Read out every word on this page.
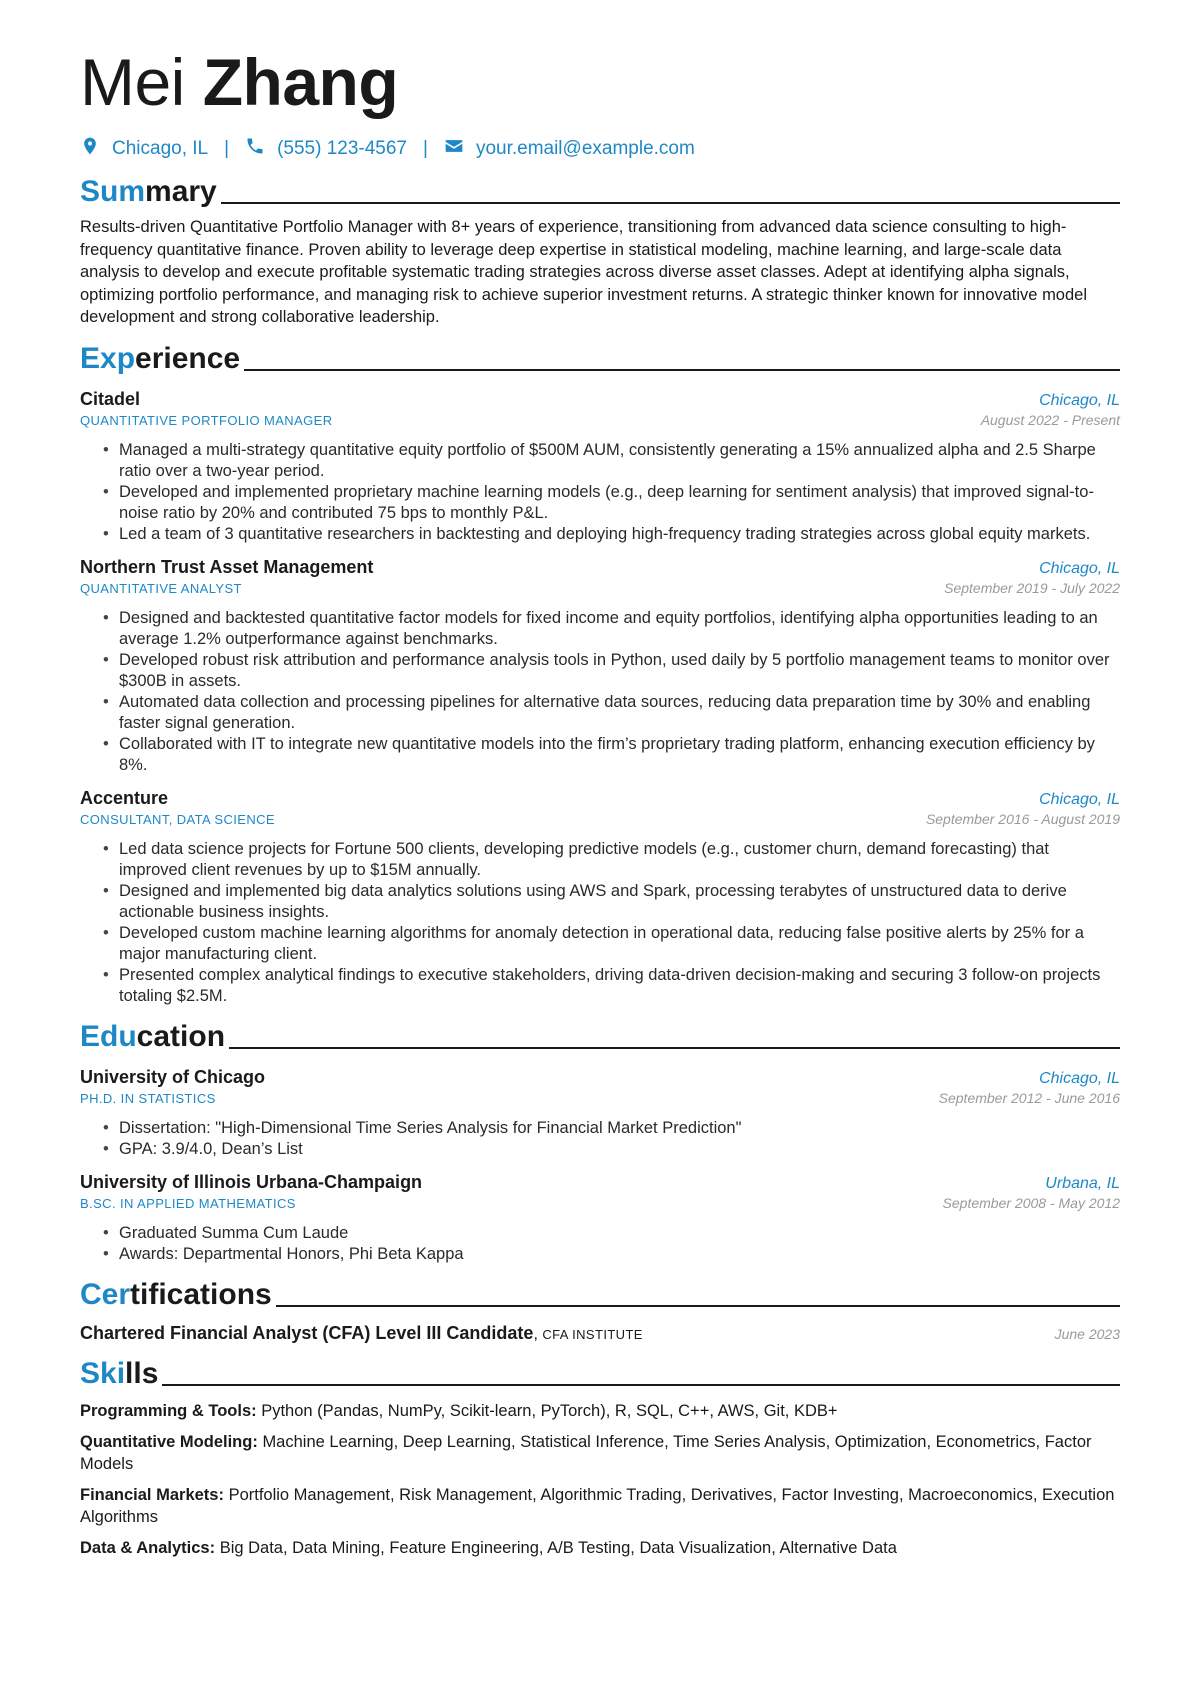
Mei Zhang
Chicago, IL |	(555) 123-4567 |	your.email@example.com
Summary
Results-driven Quantitative Portfolio Manager with 8+ years of experience, transitioning from advanced data science consulting to high-frequency quantitative finance. Proven ability to leverage deep expertise in statistical modeling, machine learning, and large-scale data analysis to develop and execute profitable systematic trading strategies across diverse asset classes. Adept at identifying alpha signals, optimizing portfolio performance, and managing risk to achieve superior investment returns. A strategic thinker known for innovative model development and strong collaborative leadership.
Experience
Citadel	Chicago, IL
QUANTITATIVE PORTFOLIO MANAGER	August 2022 - Present
• Managed a multi-strategy quantitative equity portfolio of $500M AUM, consistently generating a 15% annualized alpha and 2.5 Sharpe ratio over a two-year period.
• Developed and implemented proprietary machine learning models (e.g., deep learning for sentiment analysis) that improved signal-to-noise ratio by 20% and contributed 75 bps to monthly P&L.
• Led a team of 3 quantitative researchers in backtesting and deploying high-frequency trading strategies across global equity markets.
Northern Trust Asset Management	Chicago, IL
QUANTITATIVE ANALYST	September 2019 - July 2022
• Designed and backtested quantitative factor models for fixed income and equity portfolios, identifying alpha opportunities leading to an average 1.2% outperformance against benchmarks.
• Developed robust risk attribution and performance analysis tools in Python, used daily by 5 portfolio management teams to monitor over $300B in assets.
• Automated data collection and processing pipelines for alternative data sources, reducing data preparation time by 30% and enabling faster signal generation.
• Collaborated with IT to integrate new quantitative models into the firm’s proprietary trading platform, enhancing execution efficiency by 8%.
Accenture	Chicago, IL
CONSULTANT, DATA SCIENCE	September 2016 - August 2019
• Led data science projects for Fortune 500 clients, developing predictive models (e.g., customer churn, demand forecasting) that improved client revenues by up to $15M annually.
• Designed and implemented big data analytics solutions using AWS and Spark, processing terabytes of unstructured data to derive actionable business insights.
• Developed custom machine learning algorithms for anomaly detection in operational data, reducing false positive alerts by 25% for a major manufacturing client.
• Presented complex analytical findings to executive stakeholders, driving data-driven decision-making and securing 3 follow-on projects totaling $2.5M.
Education
University of Chicago	Chicago, IL
PH.D. IN STATISTICS	September 2012 - June 2016
• Dissertation: "High-Dimensional Time Series Analysis for Financial Market Prediction"
• GPA: 3.9/4.0, Dean’s List
University of Illinois Urbana-Champaign	Urbana, IL
B.SC. IN APPLIED MATHEMATICS	September 2008 - May 2012
• Graduated Summa Cum Laude
• Awards: Departmental Honors, Phi Beta Kappa
Certifications
Chartered Financial Analyst (CFA) Level III Candidate, CFA INSTITUTE	June 2023
Skills
Programming & Tools: Python (Pandas, NumPy, Scikit-learn, PyTorch), R, SQL, C++, AWS, Git, KDB+
Quantitative Modeling: Machine Learning, Deep Learning, Statistical Inference, Time Series Analysis, Optimization, Econometrics, Factor Models
Financial Markets: Portfolio Management, Risk Management, Algorithmic Trading, Derivatives, Factor Investing, Macroeconomics, Execution Algorithms
Data & Analytics: Big Data, Data Mining, Feature Engineering, A/B Testing, Data Visualization, Alternative Data
